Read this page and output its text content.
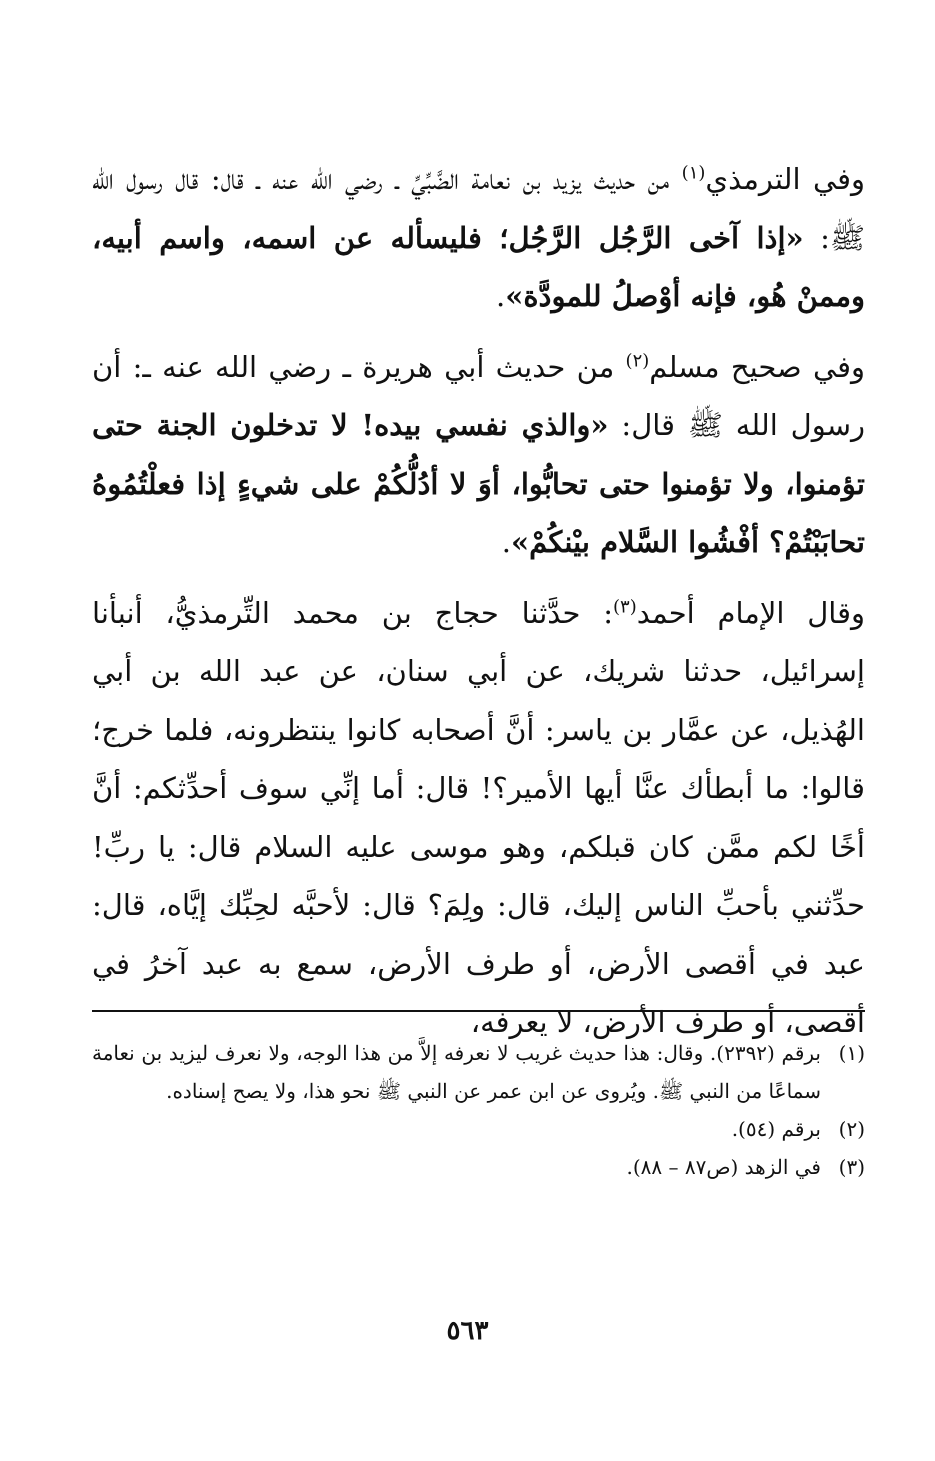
وفي الترمذي$^{(١)}$ من حديث يزيد بن نعامة الضَّبِّيِّ ـ رضي الله عنه ـ قال: قال رسول الله ﷺ: «إذا آخى الرَّجُل الرَّجُل؛ فليسأله عن اسمه، واسم أبيه، وممنْ هُو، فإنه أوْصلُ للمودَّة».

وفي صحيح مسلم$^{(٢)}$ من حديث أبي هريرة ـ رضي الله عنه ـ: أن رسول الله ﷺ قال: «والذي نفسي بيده! لا تدخلون الجنة حتى تؤمنوا، ولا تؤمنوا حتى تحابُّوا، أوَ لا أدُلُّكُمْ على شيءٍ إذا فعلْتُمُوهُ تحابَبْتُمْ؟ أفْشُوا السَّلام بيْنكُمْ».

وقال الإمام أحمد$^{(٣)}$: حدَّثنا حجاج بن محمد التِّرمذيُّ، أنبأنا إسرائيل، حدثنا شريك، عن أبي سنان، عن عبد الله بن أبي الهُذيل، عن عمَّار بن ياسر: أنَّ أصحابه كانوا ينتظرونه، فلما خرج؛ قالوا: ما أبطأك عنَّا أيها الأمير؟! قال: أما إنِّي سوف أحدِّثكم: أنَّ أخًا لكم ممَّن كان قبلكم، وهو موسى عليه السلام قال: يا ربِّ! حدِّثني بأحبِّ الناس إليك، قال: ولِمَ؟ قال: لأحبَّه لحِبِّك إيَّاه، قال: عبد في أقصى الأرض، أو طرف الأرض، سمع به عبد آخرُ في أقصى، أو طرف الأرض، لا يعرفه،

(١)
برقم (٢٣٩٢). وقال: هذا حديث غريب لا نعرفه إلاَّ من هذا الوجه، ولا نعرف ليزيد بن نعامة سماعًا من النبي ﷺ. ويُروى عن ابن عمر عن النبي ﷺ نحو هذا، ولا يصح إسناده.

(٢)
برقم (٥٤).

(٣)
في الزهد (ص٨٧ – ٨٨).

٥٦٣
